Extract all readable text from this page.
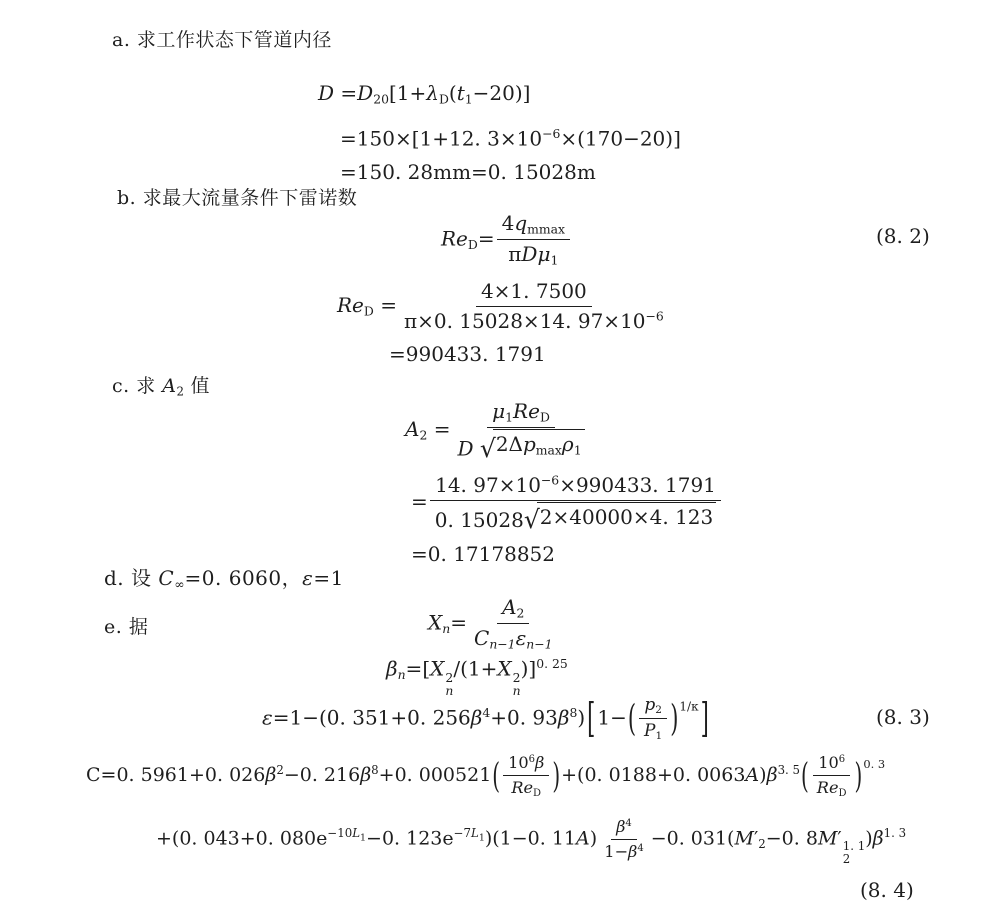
a. 求工作状态下管道内径
$D =D_{20}[1+\lambda_D(t_1-20)]$
=150×[1+12. $3\times 10^{-6}\times(170-20)$]
=150. 28mm=0. 15028m
b. 求最大流量条件下雷诺数
$Re_D=$
$4q_{mmax}$
πDμ$_1$
(8. 2)
$Re_D = \frac{4\times 1. 7500}{\pi\times 0. 15028\times 14. 97\times 10^{-6}}$
=990433. 1791
c. 求 $A_2$ 值
$A_2$ =
$\mu_1Re_D$
D √ $2\Delta p_{max}\rho_1$
= $\frac{14. 97\times 10^{-6}\times 990433. 1791}{0. 15028 √ 2\times 40000\times 4. 123}$
=0. 17178852
d. 设 $C_\infty=0$. 6060，ε=1
e. 据	$X_n= \frac{A_2}{C_{n-1}\varepsilon_{n-1}}$
$\beta_n=[X$ 2
n
/(1+X 2
n
)]$^{0. 25}$
ε=1−(0. 351+0. $256\beta^4+0$. $93\beta^8$)[ $1-( \frac{p_2}{P_1} )^{1/\kappa}$]	(8. 3)
C=0. 5961+0. $026\beta^2-0$. $216\beta^8+0$. 000521( $10^6\beta$
$Re_D$ )+(0. 0188+0. $0063A)\beta^{3. 5}$( $10^6$
$Re_D$ )$^{0. 3}$
+(0. 043+0. $080e^{-10L_1}-0$. $123e^{-7L_1})(1-0$. $11A) \frac{\beta^4}{1-\beta^4} -0$. $031(M'_2-0$. 8M′ 1. 1
2
)$\beta^{1. 3}$
(8. 4)
